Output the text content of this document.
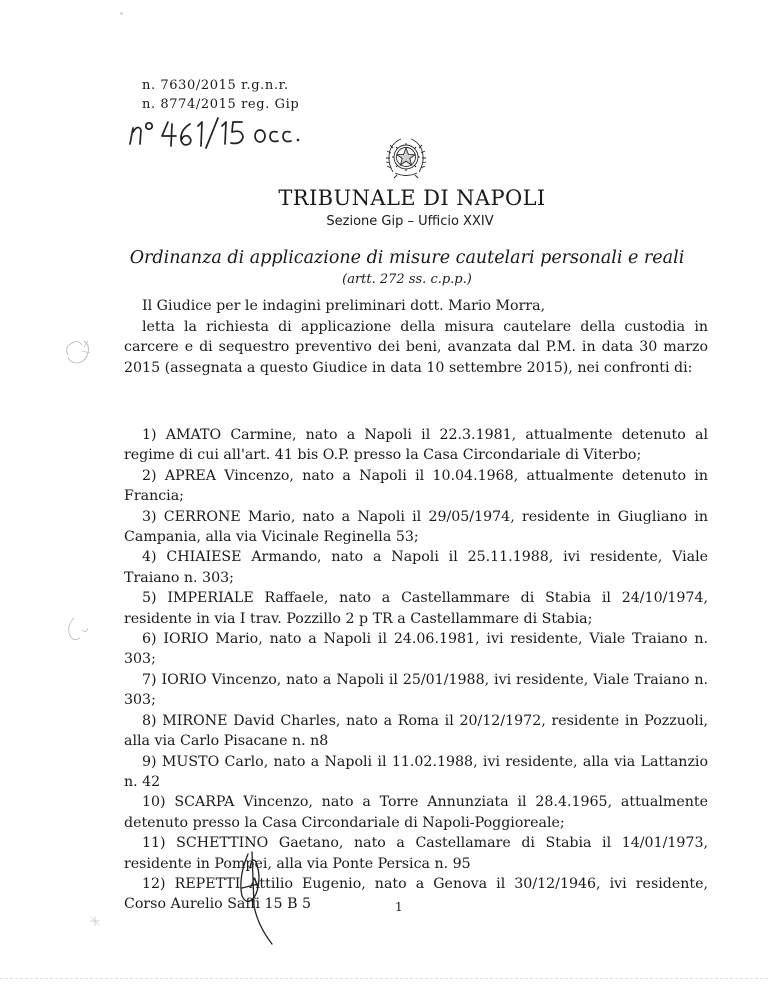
n. 7630/2015 r.g.n.r.
n. 8774/2015 reg. Gip
TRIBUNALE DI NAPOLI
Sezione Gip – Ufficio XXIV
Ordinanza di applicazione di misure cautelari personali e reali
(artt. 272 ss. c.p.p.)
Il Giudice per le indagini preliminari dott. Mario Morra,
letta la richiesta di applicazione della misura cautelare della custodia in carcere e di sequestro preventivo dei beni, avanzata dal P.M. in data 30 marzo 2015 (assegnata a questo Giudice in data 10 settembre 2015), nei confronti di:
1) AMATO Carmine, nato a Napoli il 22.3.1981, attualmente detenuto al regime di cui all'art. 41 bis O.P. presso la Casa Circondariale di Viterbo;
2) APREA Vincenzo, nato a Napoli il 10.04.1968, attualmente detenuto in Francia;
3) CERRONE Mario, nato a Napoli il 29/05/1974, residente in Giugliano in Campania, alla via Vicinale Reginella 53;
4) CHIAIESE Armando, nato a Napoli il 25.11.1988, ivi residente, Viale Traiano n. 303;
5) IMPERIALE Raffaele, nato a Castellammare di Stabia il 24/10/1974, residente in via I trav. Pozzillo 2 p TR a Castellammare di Stabia;
6) IORIO Mario, nato a Napoli il 24.06.1981, ivi residente, Viale Traiano n. 303;
7) IORIO Vincenzo, nato a Napoli il 25/01/1988, ivi residente, Viale Traiano n. 303;
8) MIRONE David Charles, nato a Roma il 20/12/1972, residente in Pozzuoli, alla via Carlo Pisacane n. n8
9) MUSTO Carlo, nato a Napoli il 11.02.1988, ivi residente, alla via Lattanzio n. 42
10) SCARPA Vincenzo, nato a Torre Annunziata il 28.4.1965, attualmente detenuto presso la Casa Circondariale di Napoli-Poggioreale;
11) SCHETTINO Gaetano, nato a Castellamare di Stabia il 14/01/1973, residente in Pompei, alla via Ponte Persica n. 95
12) REPETTI Attilio Eugenio, nato a Genova il 30/12/1946, ivi residente, Corso Aurelio Saffi 15 B 5	1
